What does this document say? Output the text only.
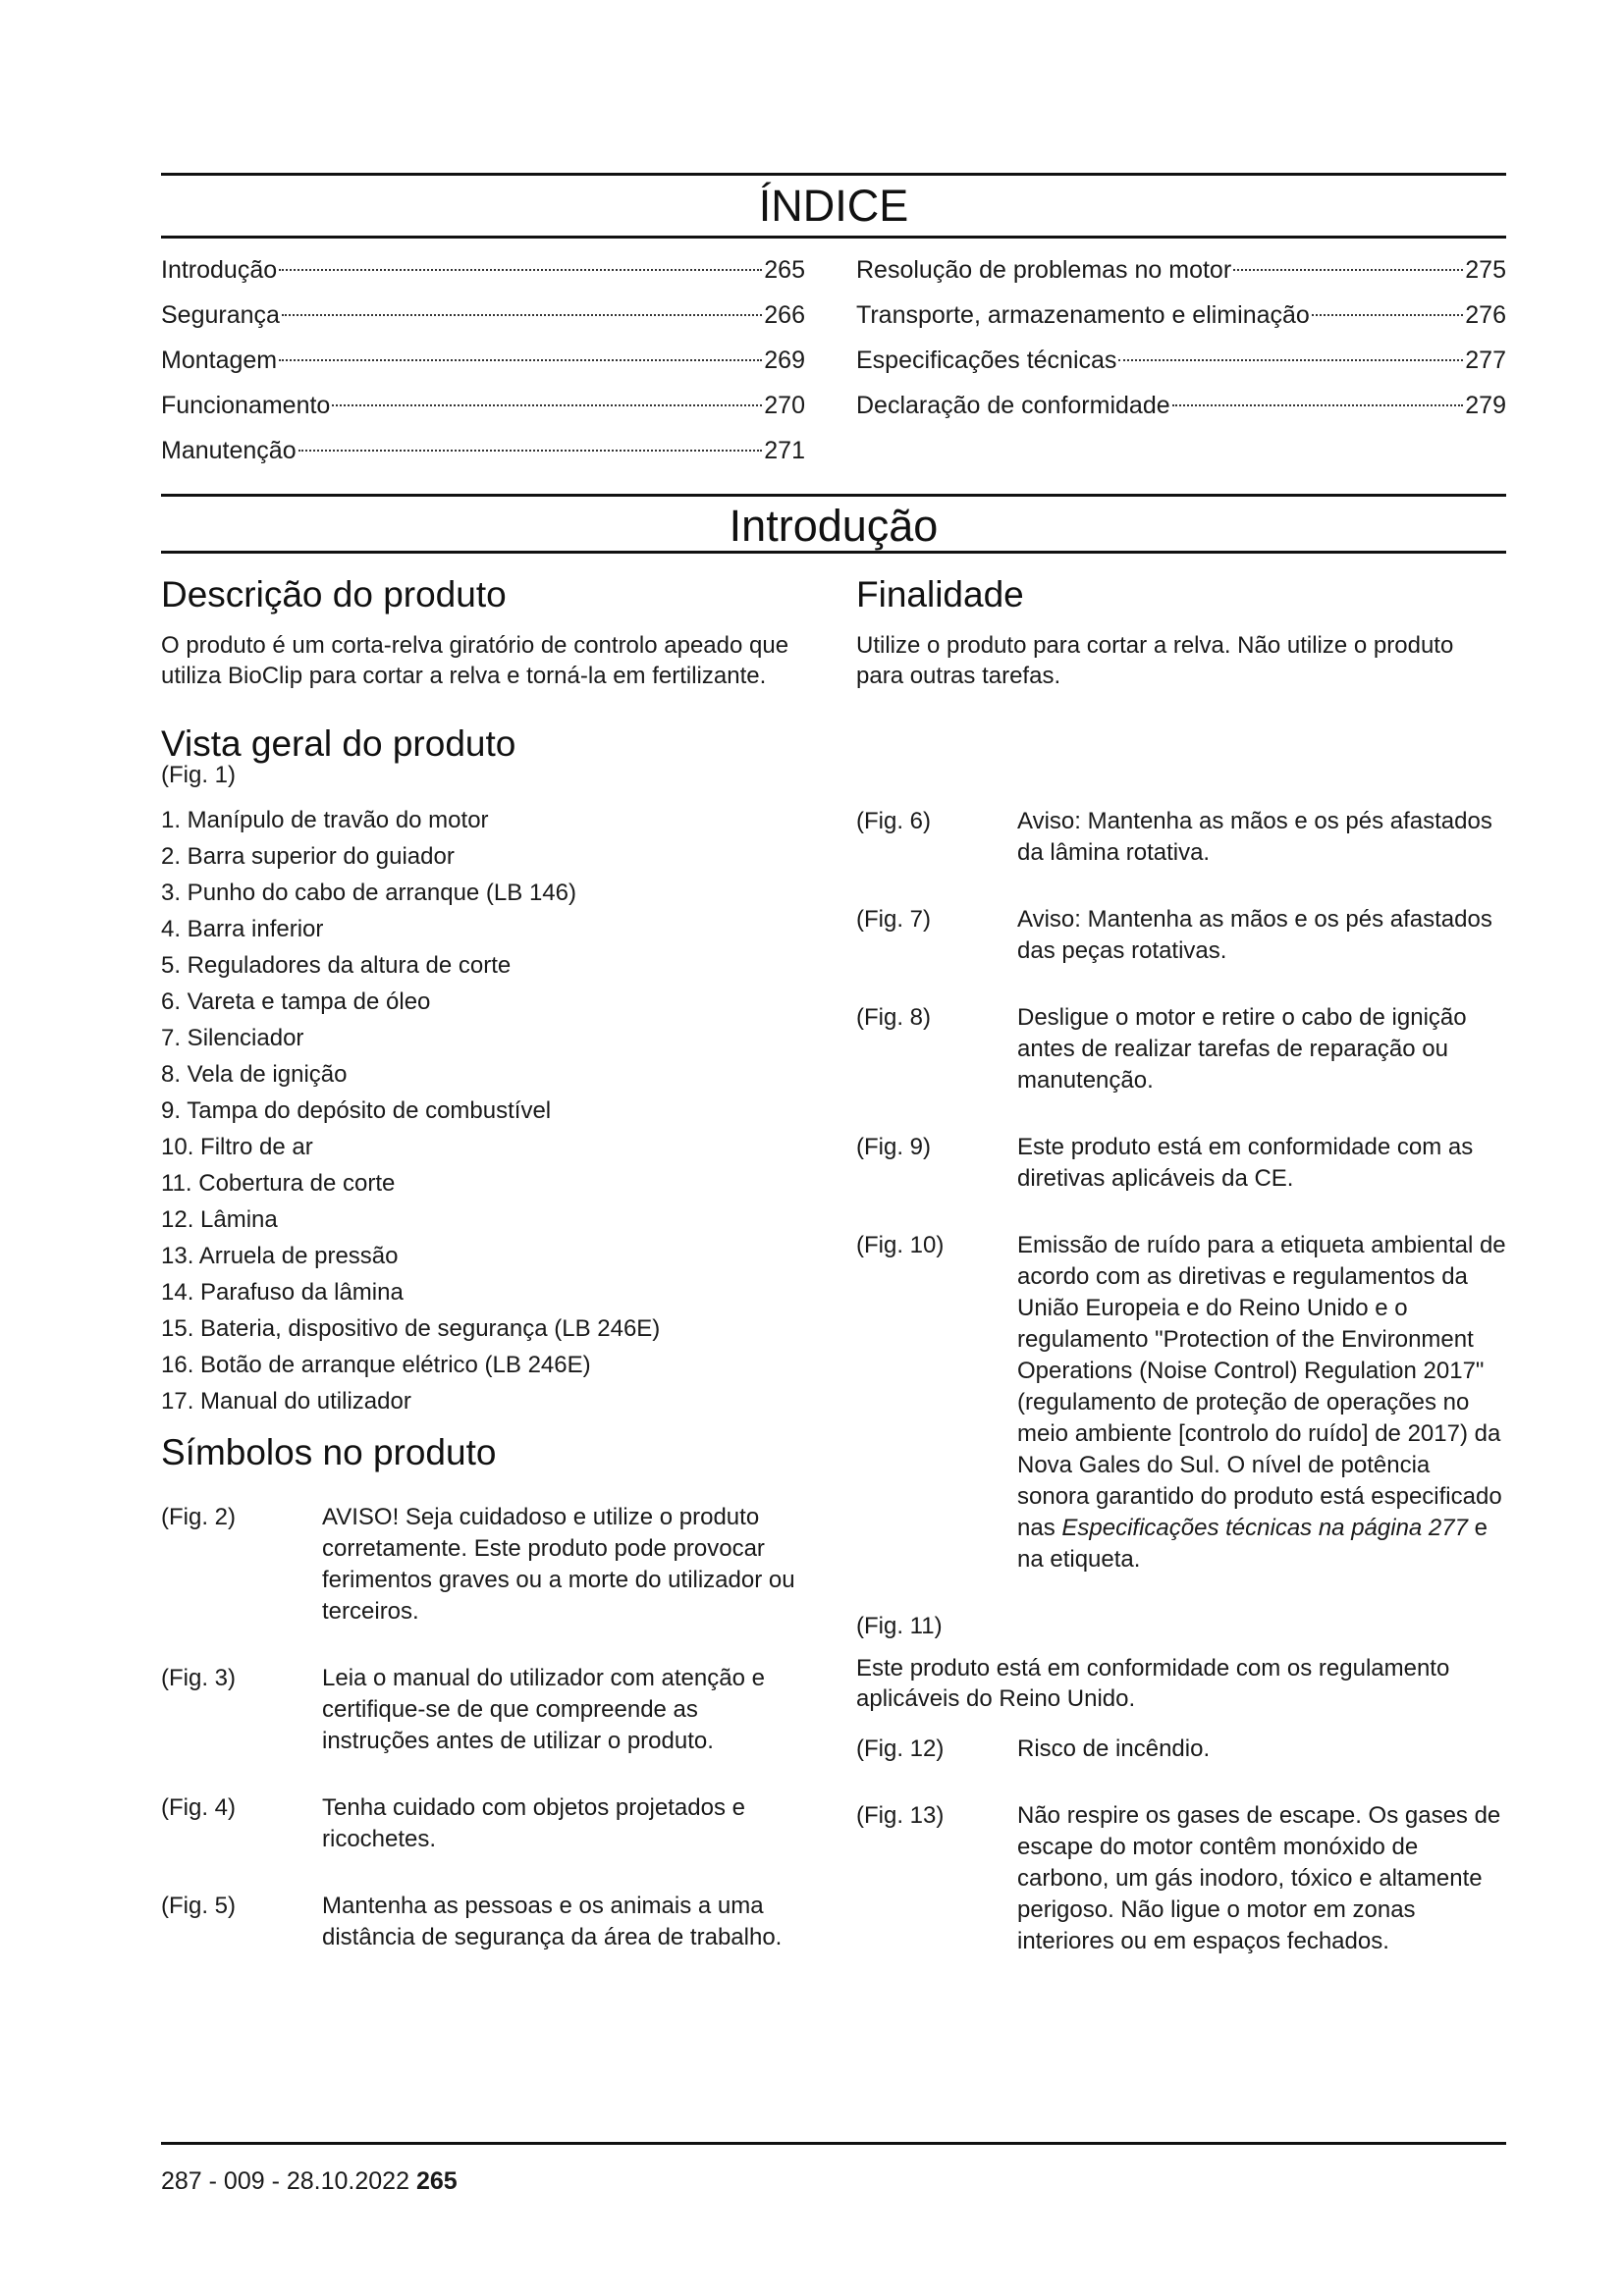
ÍNDICE
Introdução	265
Segurança	266
Montagem	269
Funcionamento	270
Manutenção	271
Resolução de problemas no motor	275
Transporte, armazenamento e eliminação	276
Especificações técnicas	277
Declaração de conformidade	279
Introdução
Descrição do produto

O produto é um corta-relva giratório de controlo apeado que utiliza BioClip para cortar a relva e torná-la em fertilizante.

Vista geral do produto
(Fig. 1)
1. Manípulo de travão do motor
2. Barra superior do guiador
3. Punho do cabo de arranque (LB 146)
4. Barra inferior
5. Reguladores da altura de corte
6. Vareta e tampa de óleo
7. Silenciador
8. Vela de ignição
9. Tampa do depósito de combustível
10. Filtro de ar
11. Cobertura de corte
12. Lâmina
13. Arruela de pressão
14. Parafuso da lâmina
15. Bateria, dispositivo de segurança (LB 246E)
16. Botão de arranque elétrico (LB 246E)
17. Manual do utilizador
Símbolos no produto
(Fig. 2)	AVISO! Seja cuidadoso e utilize o produto corretamente. Este produto pode provocar ferimentos graves ou a morte do utilizador ou terceiros.
(Fig. 3)	Leia o manual do utilizador com atenção e certifique-se de que compreende as instruções antes de utilizar o produto.
(Fig. 4)	Tenha cuidado com objetos projetados e ricochetes.
(Fig. 5)	Mantenha as pessoas e os animais a uma distância de segurança da área de trabalho.
Finalidade

Utilize o produto para cortar a relva. Não utilize o produto para outras tarefas.

(Fig. 6)	Aviso: Mantenha as mãos e os pés afastados da lâmina rotativa.
(Fig. 7)	Aviso: Mantenha as mãos e os pés afastados das peças rotativas.
(Fig. 8)	Desligue o motor e retire o cabo de ignição antes de realizar tarefas de reparação ou manutenção.
(Fig. 9)	Este produto está em conformidade com as diretivas aplicáveis da CE.
(Fig. 10)	Emissão de ruído para a etiqueta ambiental de acordo com as diretivas e regulamentos da União Europeia e do Reino Unido e o regulamento "Protection of the Environment Operations (Noise Control) Regulation 2017" (regulamento de proteção de operações no meio ambiente [controlo do ruído] de 2017) da Nova Gales do Sul. O nível de potência sonora garantido do produto está especificado nas Especificações técnicas na página 277 e na etiqueta.
(Fig. 11)

Este produto está em conformidade com os regulamento aplicáveis do Reino Unido.

(Fig. 12)	Risco de incêndio.
(Fig. 13)	Não respire os gases de escape. Os gases de escape do motor contêm monóxido de carbono, um gás inodoro, tóxico e altamente perigoso. Não ligue o motor em zonas interiores ou em espaços fechados.
287 - 009 - 28.10.2022 265
